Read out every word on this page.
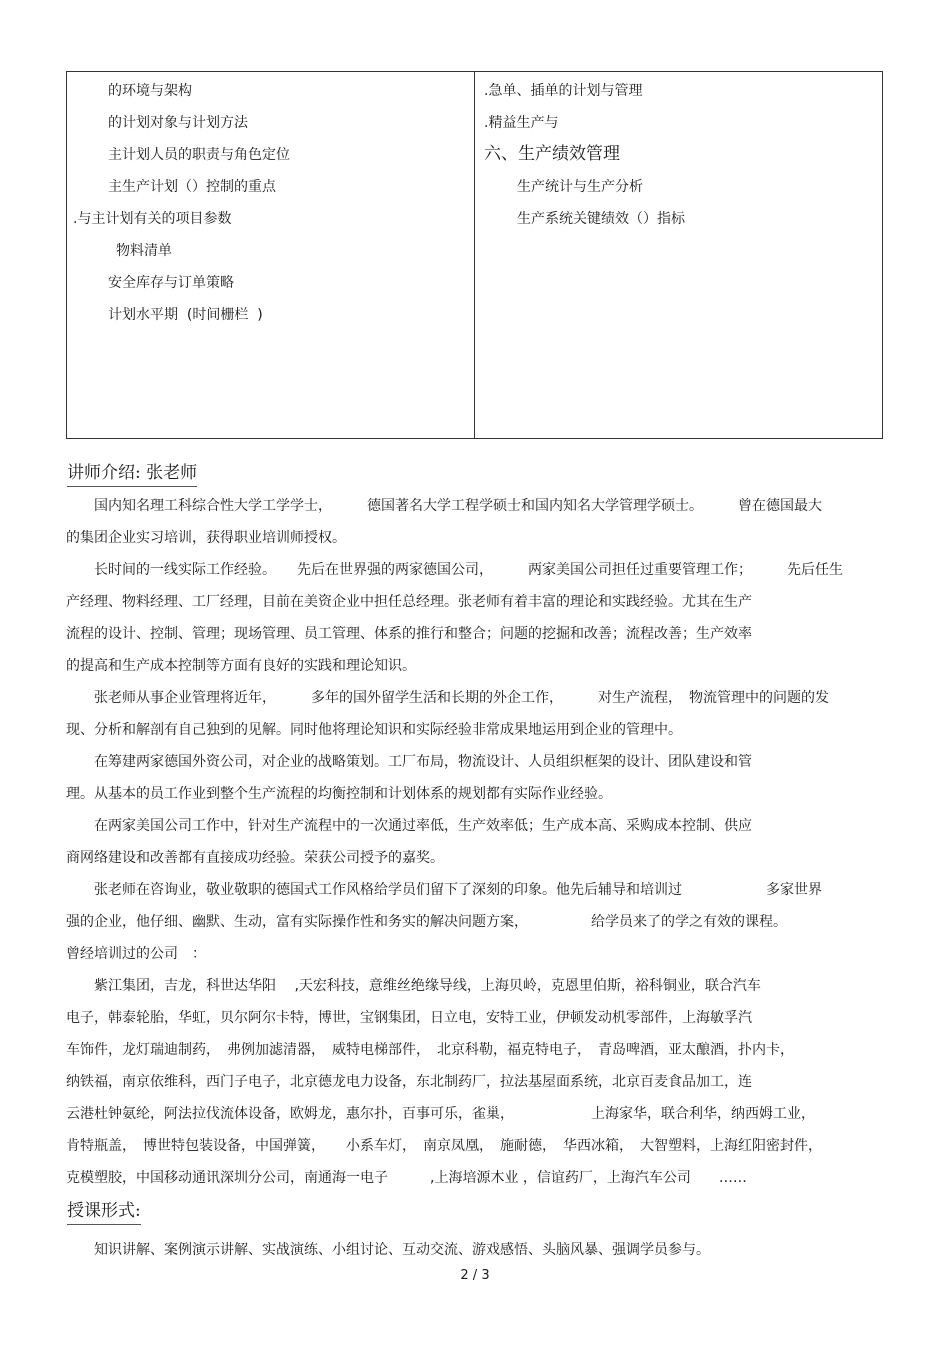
的环境与架构
的计划对象与计划方法
主计划人员的职责与角色定位
主生产计划（）控制的重点
.与主计划有关的项目参数
物料清单
安全库存与订单策略
计划水平期  (时间栅栏  )
.急单、插单的计划与管理
.精益生产与
六、生产绩效管理
生产统计与生产分析
生产系统关键绩效（）指标
讲师介绍: 张老师
　　国内知名理工科综合性大学工学学士，　　　德国著名大学工程学硕士和国内知名大学管理学硕士。　　　曾在德国最大
的集团企业实习培训，获得职业培训师授权。
　　长时间的一线实际工作经验。　　先后在世界强的两家德国公司，　　　两家美国公司担任过重要管理工作；　　　先后任生
产经理、物料经理、工厂经理，目前在美资企业中担任总经理。张老师有着丰富的理论和实践经验。尤其在生产
流程的设计、控制、管理；现场管理、员工管理、体系的推行和整合；问题的挖掘和改善；流程改善；生产效率
的提高和生产成本控制等方面有良好的实践和理论知识。
　　张老师从事企业管理将近年，　　　多年的国外留学生活和长期的外企工作，　　　对生产流程，　物流管理中的问题的发
现、分析和解剖有自己独到的见解。同时他将理论知识和实际经验非常成果地运用到企业的管理中。
　　在筹建两家德国外资公司，对企业的战略策划。工厂布局，物流设计、人员组织框架的设计、团队建设和管
理。从基本的员工作业到整个生产流程的均衡控制和计划体系的规划都有实际作业经验。
　　在两家美国公司工作中，针对生产流程中的一次通过率低，生产效率低；生产成本高、采购成本控制、供应
商网络建设和改善都有直接成功经验。荣获公司授予的嘉奖。
　　张老师在咨询业，敬业敬职的德国式工作风格给学员们留下了深刻的印象。他先后辅导和培训过　　　　　　多家世界
强的企业，他仔细、幽默、生动，富有实际操作性和务实的解决问题方案，　　　　　给学员来了的学之有效的课程。
曾经培训过的公司　：
　　紫江集团，吉龙，科世达华阳　 ,天宏科技，意维丝绝缘导线，上海贝岭，克恩里伯斯，裕科铜业，联合汽车
电子，韩泰轮胎，华虹，贝尔阿尔卡特，博世，宝钢集团，日立电，安特工业，伊顿发动机零部件，上海敏孚汽
车饰件，龙灯瑞迪制药，　弗例加滤清器，　威特电梯部件，　北京科勒，福克特电子，　青岛啤酒，亚太酿酒，扑内卡，
纳铁福，南京依维科，西门子电子，北京德龙电力设备，东北制药厂，拉法基屋面系统，北京百麦食品加工，连
云港杜钟氨纶，阿法拉伐流体设备，欧姆龙，惠尔扑，百事可乐，雀巢，　　　　　　上海家华，联合利华，纳西姆工业，
肯特瓶盖，　博世特包装设备，中国弹簧，　　小系车灯，　南京凤凰，　施耐德，　华西冰箱，　大智塑料，上海红阳密封件，
克模塑胶，中国移动通讯深圳分公司，南通海一电子　　　,上海培源木业 ，信谊药厂，上海汽车公司　　……
授课形式:
　　知识讲解、案例演示讲解、实战演练、小组讨论、互动交流、游戏感悟、头脑风暴、强调学员参与。
2 / 3
